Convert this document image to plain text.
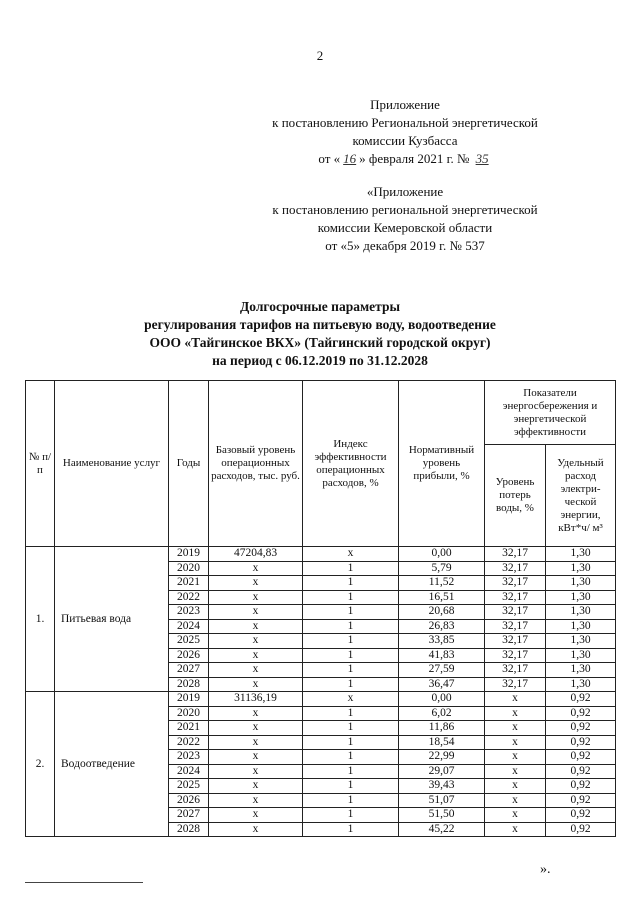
2
Приложение
к постановлению Региональной энергетической
комиссии Кузбасса
от « 16 » февраля 2021 г. № 35
«Приложение
к постановлению региональной энергетической
комиссии Кемеровской области
от «5» декабря 2019 г. № 537
Долгосрочные параметры
регулирования тарифов на питьевую воду, водоотведение
ООО «Тайгинское ВКХ» (Тайгинский городской округ)
на период с 06.12.2019 по 31.12.2028
№ п/п	Наименование услуг	Годы	Базовый уровень операционных расходов, тыс. руб.	Индекс эффективности операционных расходов, %	Нормативный уровень прибыли, %	Показатели энергосбережения и энергетической эффективности	
						Уровень потерь воды, %	Удельный расход электри-ческой энергии, кВт*ч/ м³
1.	Питьевая вода	2019	47204,83	x	0,00	32,17	1,30
		2020	x	1	5,79	32,17	1,30
		2021	x	1	11,52	32,17	1,30
		2022	x	1	16,51	32,17	1,30
		2023	x	1	20,68	32,17	1,30
		2024	x	1	26,83	32,17	1,30
		2025	x	1	33,85	32,17	1,30
		2026	x	1	41,83	32,17	1,30
		2027	x	1	27,59	32,17	1,30
		2028	x	1	36,47	32,17	1,30
2.	Водоотведение	2019	31136,19	x	0,00	x	0,92
		2020	x	1	6,02	x	0,92
		2021	x	1	11,86	x	0,92
		2022	x	1	18,54	x	0,92
		2023	x	1	22,99	x	0,92
		2024	x	1	29,07	x	0,92
		2025	x	1	39,43	x	0,92
		2026	x	1	51,07	x	0,92
		2027	x	1	51,50	x	0,92
		2028	x	1	45,22	x	0,92
».
